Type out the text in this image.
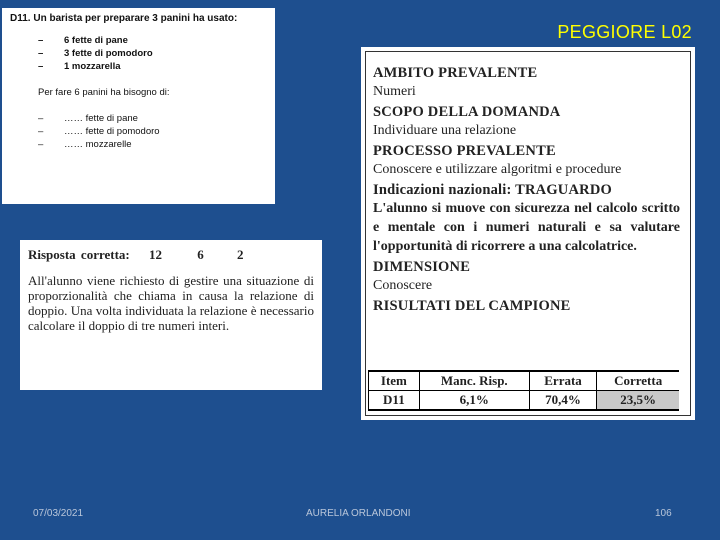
PEGGIORE L02
D11. Un barista per preparare 3 panini ha usato:
–	6 fette di pane
–	3 fette di pomodoro
–	1 mozzarella
Per fare 6 panini ha bisogno di:
–	…… fette di pane
–	…… fette di pomodoro
–	…… mozzarelle
Risposta corretta: 12	6	2
All'alunno viene richiesto di gestire una situazione di proporzionalità che chiama in causa la relazione di doppio. Una volta individuata la relazione è necessario calcolare il doppio di tre numeri interi.
AMBITO PREVALENTE
Numeri
SCOPO DELLA DOMANDA
Individuare una relazione
PROCESSO PREVALENTE
Conoscere e utilizzare algoritmi e procedure
Indicazioni nazionali: TRAGUARDO
L'alunno si muove con sicurezza nel calcolo scritto e mentale con i numeri naturali e sa valutare l'opportunità di ricorrere a una calcolatrice.
DIMENSIONE
Conoscere
RISULTATI DEL CAMPIONE
Item	Manc. Risp.	Errata	Corretta
D11	6,1%	70,4%	23,5%
07/03/2021	AURELIA ORLANDONI	106
